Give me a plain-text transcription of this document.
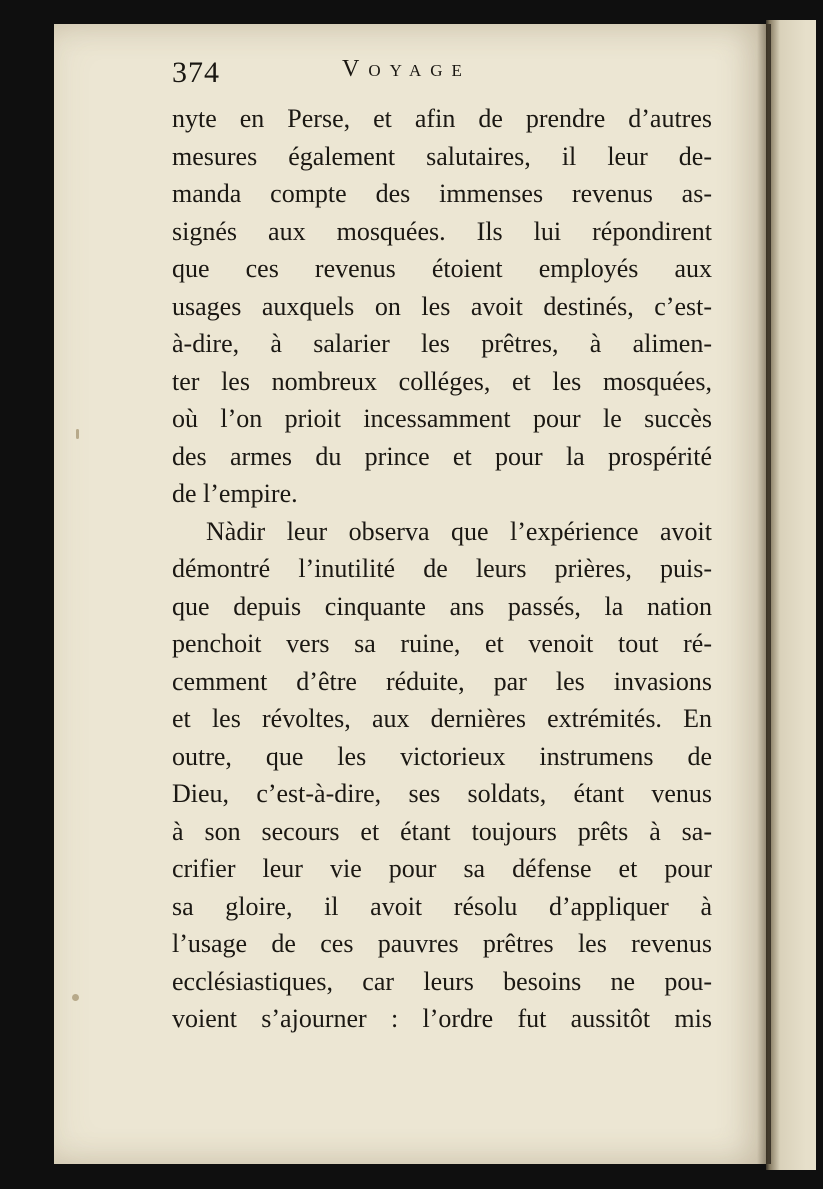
374	Voyage
nyte en Perse, et afin de prendre d’autres
mesures également salutaires, il leur de-
manda compte des immenses revenus as-
signés aux mosquées. Ils lui répondirent
que ces revenus étoient employés aux
usages auxquels on les avoit destinés, c’est-
à-dire, à salarier les prêtres, à alimen-
ter les nombreux colléges, et les mosquées,
où l’on prioit incessamment pour le succès
des armes du prince et pour la prospérité
de l’empire.
Nàdir leur observa que l’expérience avoit
démontré l’inutilité de leurs prières, puis-
que depuis cinquante ans passés, la nation
penchoit vers sa ruine, et venoit tout ré-
cemment d’être réduite, par les invasions
et les révoltes, aux dernières extrémités. En
outre, que les victorieux instrumens de
Dieu, c’est-à-dire, ses soldats, étant venus
à son secours et étant toujours prêts à sa-
crifier leur vie pour sa défense et pour
sa gloire, il avoit résolu d’appliquer à
l’usage de ces pauvres prêtres les revenus
ecclésiastiques, car leurs besoins ne pou-
voient s’ajourner : l’ordre fut aussitôt mis
